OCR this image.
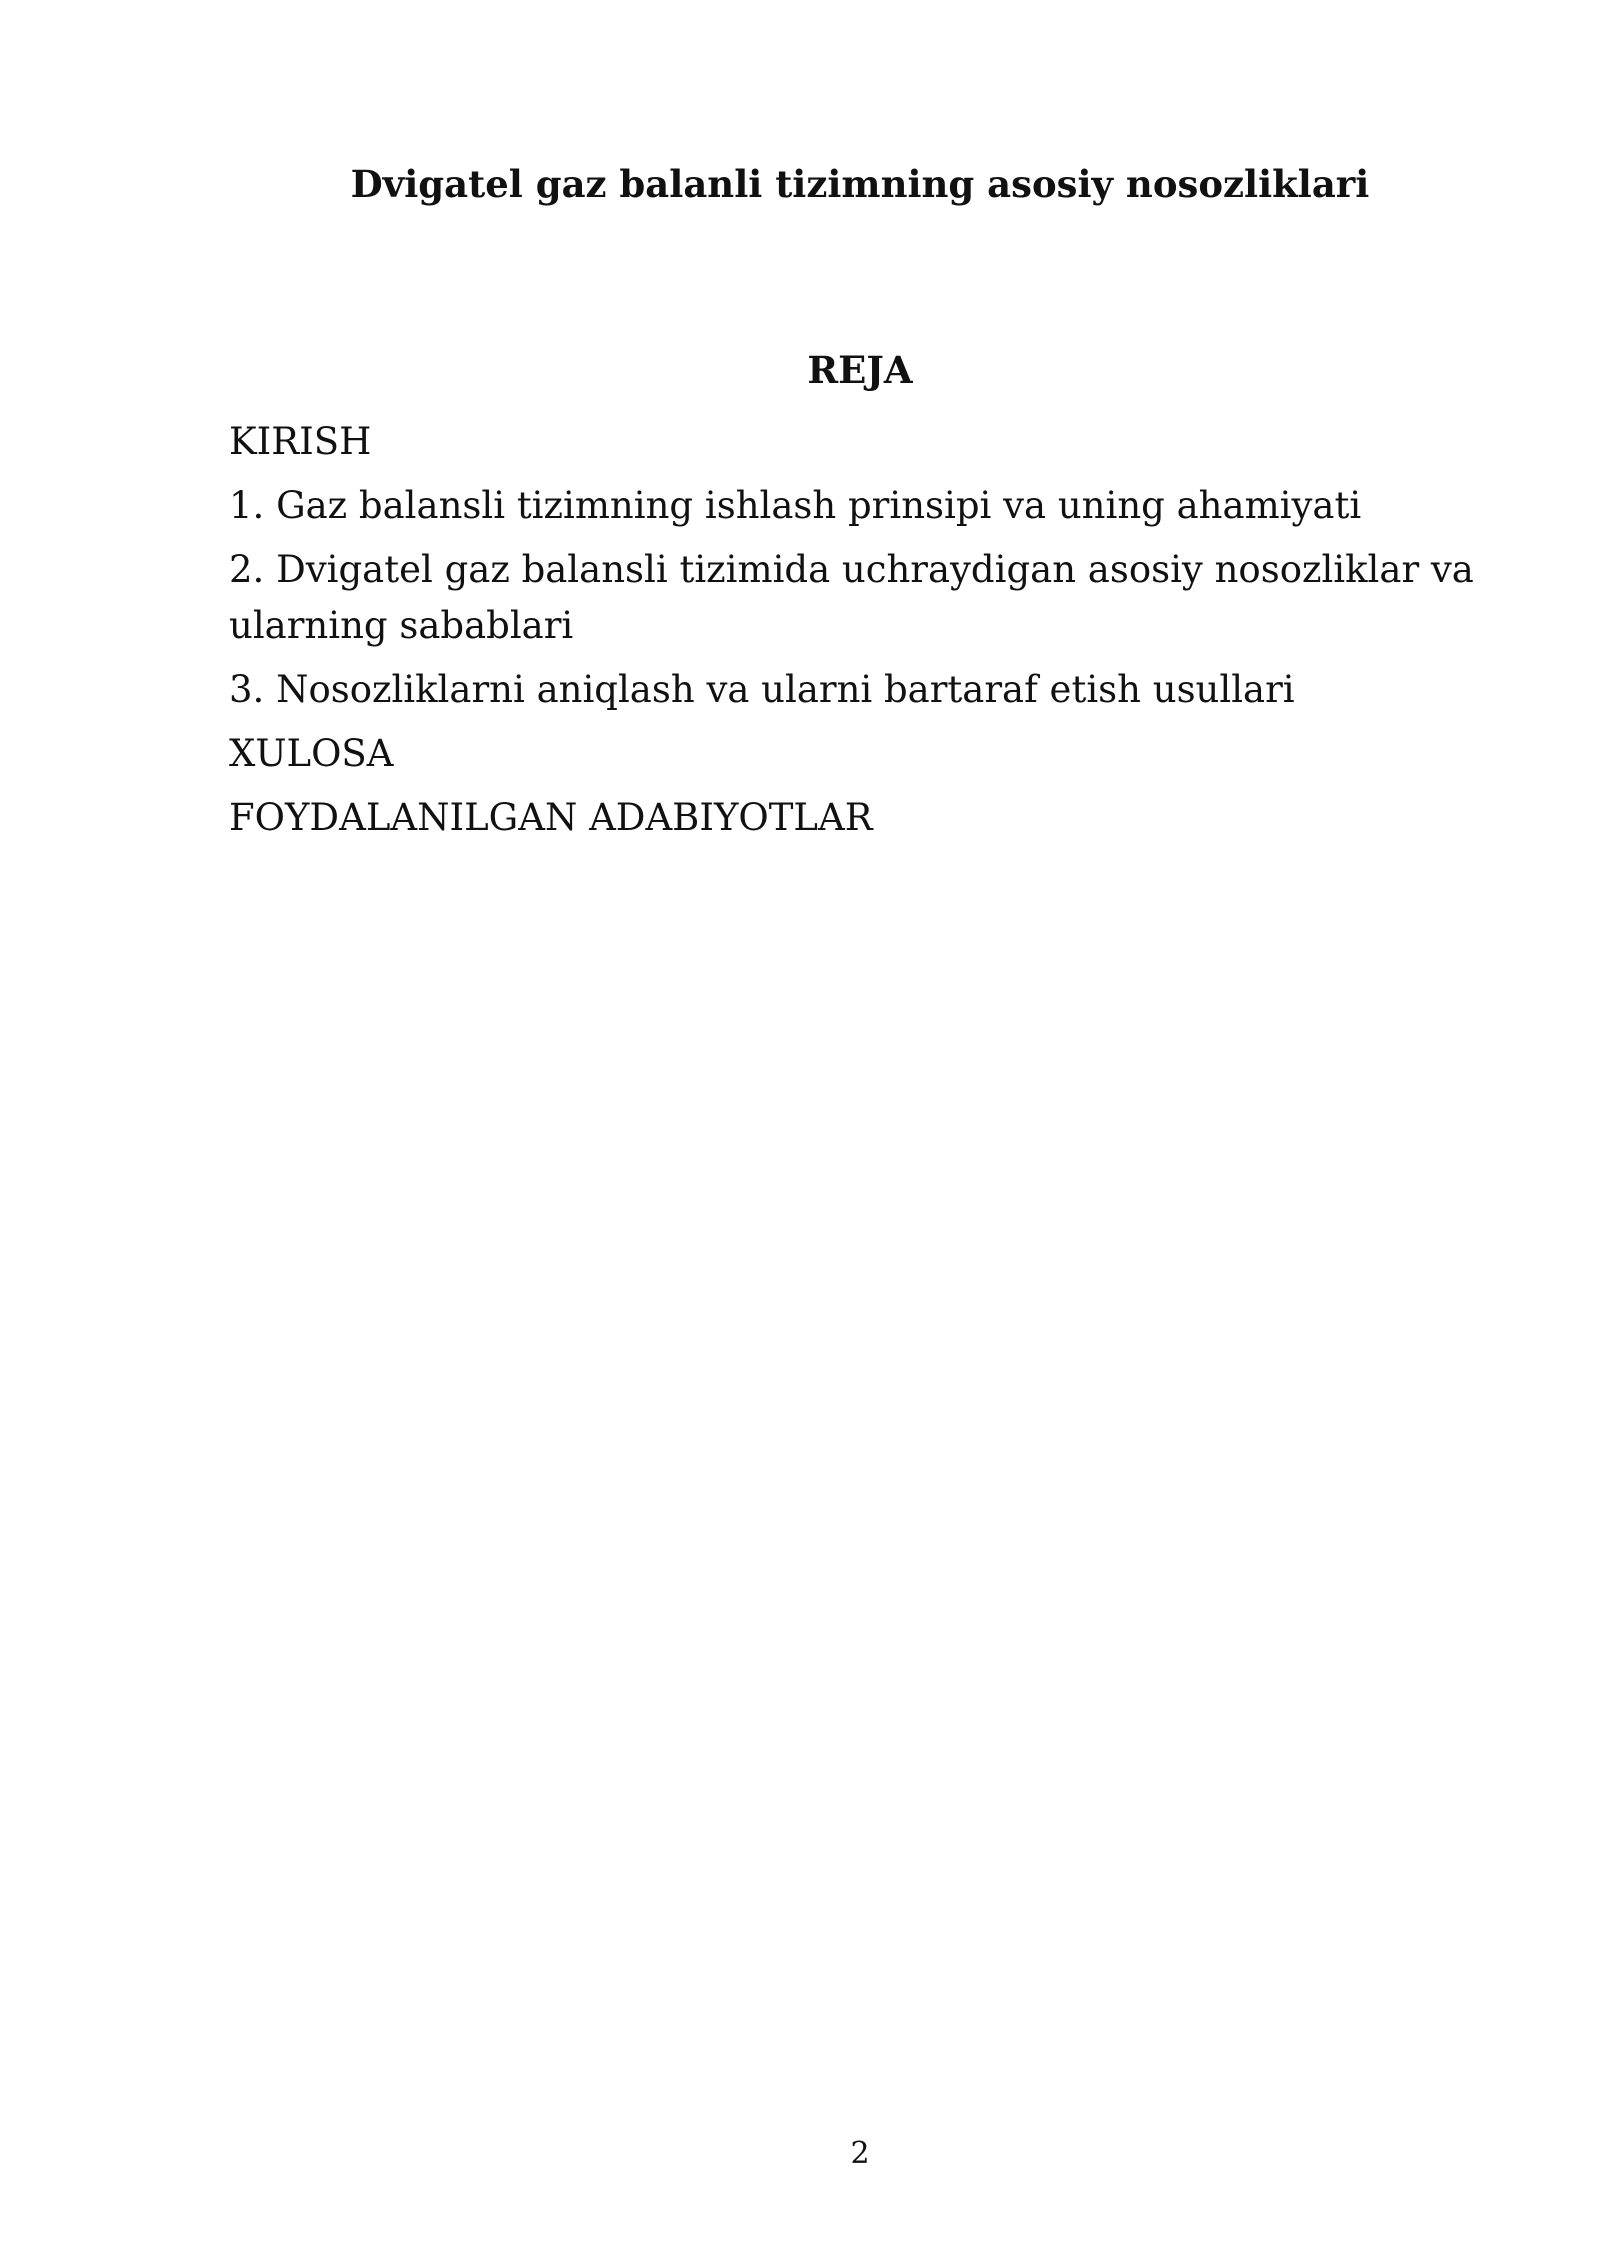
Dvigatel gaz balanli tizimning asosiy nosozliklari
REJA
KIRISH
1. Gaz balansli tizimning ishlash prinsipi va uning ahamiyati
2. Dvigatel gaz balansli tizimida uchraydigan asosiy nosozliklar va ularning sabablari
3. Nosozliklarni aniqlash va ularni bartaraf etish usullari
XULOSA
FOYDALANILGAN ADABIYOTLAR
2
